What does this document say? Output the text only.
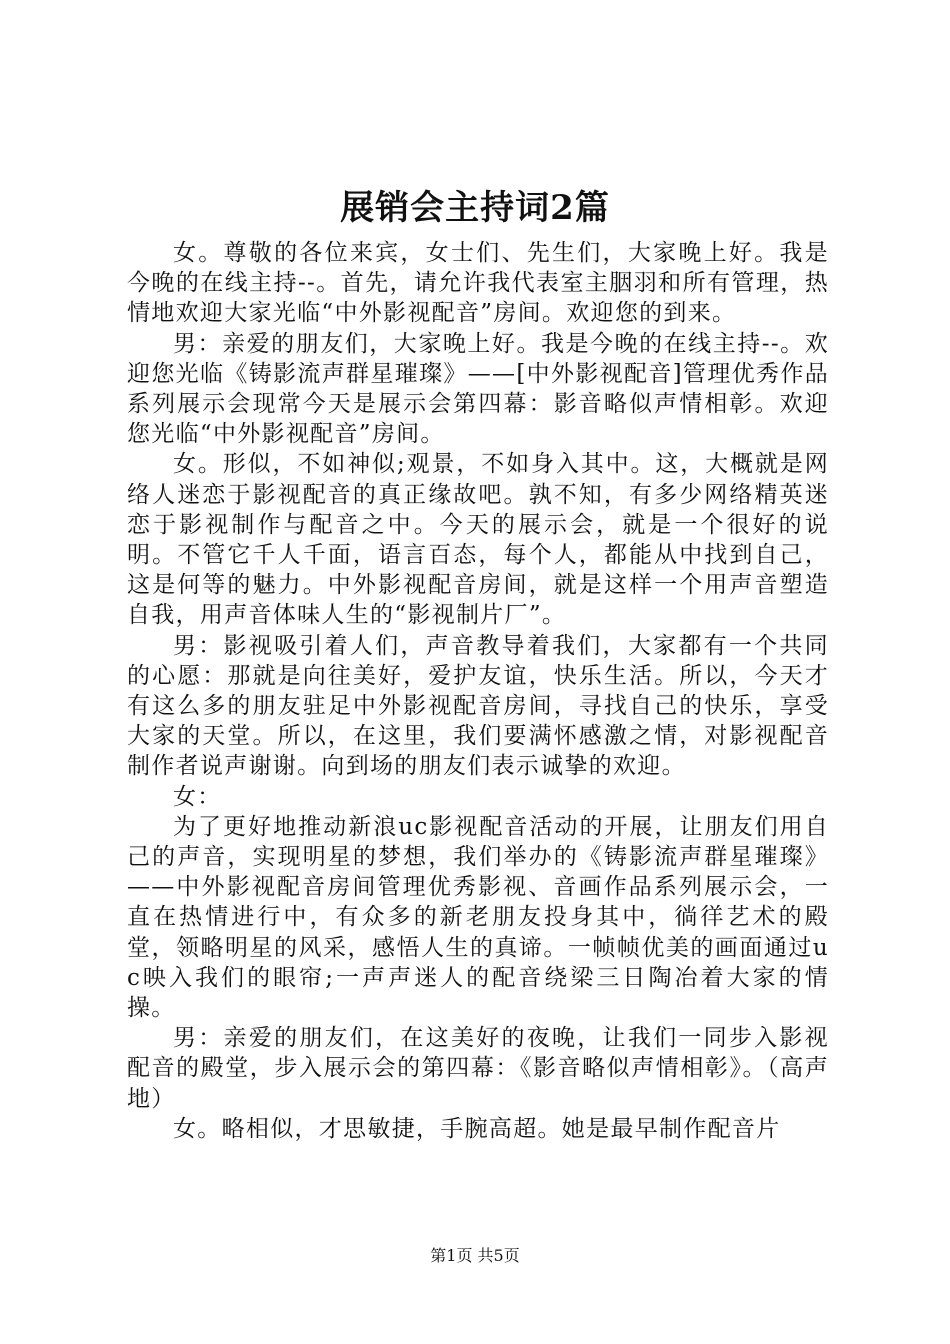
展销会主持词2篇

女。尊敬的各位来宾，女士们、先生们，大家晚上好。我是今晚的在线主持--。首先，请允许我代表室主胭羽和所有管理，热情地欢迎大家光临“中外影视配音”房间。欢迎您的到来。

男：亲爱的朋友们，大家晚上好。我是今晚的在线主持--。欢迎您光临《铸影流声群星璀璨》——[中外影视配音]管理优秀作品系列展示会现常今天是展示会第四幕：影音略似声情相彰。欢迎您光临“中外影视配音”房间。

女。形似，不如神似;观景，不如身入其中。这，大概就是网络人迷恋于影视配音的真正缘故吧。孰不知，有多少网络精英迷恋于影视制作与配音之中。今天的展示会，就是一个很好的说明。不管它千人千面，语言百态，每个人，都能从中找到自己，这是何等的魅力。中外影视配音房间，就是这样一个用声音塑造自我，用声音体味人生的“影视制片厂”。

男：影视吸引着人们，声音教导着我们，大家都有一个共同的心愿：那就是向往美好，爱护友谊，快乐生活。所以，今天才有这么多的朋友驻足中外影视配音房间，寻找自己的快乐，享受大家的天堂。所以，在这里，我们要满怀感激之情，对影视配音制作者说声谢谢。向到场的朋友们表示诚挚的欢迎。

女：

为了更好地推动新浪uc影视配音活动的开展，让朋友们用自己的声音，实现明星的梦想，我们举办的《铸影流声群星璀璨》——中外影视配音房间管理优秀影视、音画作品系列展示会，一直在热情进行中，有众多的新老朋友投身其中，徜徉艺术的殿堂，领略明星的风采，感悟人生的真谛。一帧帧优美的画面通过uc映入我们的眼帘;一声声迷人的配音绕梁三日陶冶着大家的情操。

男：亲爱的朋友们，在这美好的夜晚，让我们一同步入影视配音的殿堂，步入展示会的第四幕：《影音略似声情相彰》。（高声地）

女。略相似，才思敏捷，手腕高超。她是最早制作配音片

第1页 共5页
